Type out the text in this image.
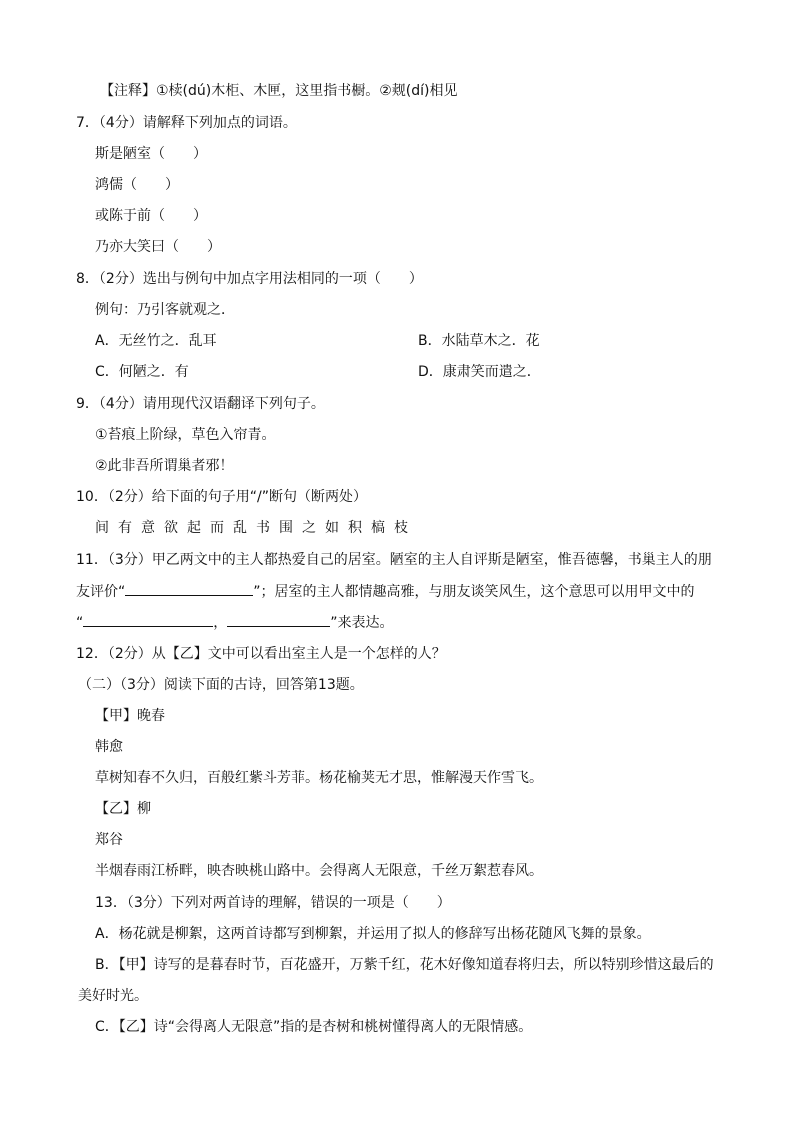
【注释】①椟(dú)木柜、木匣，这里指书橱。②觌(dí)相见
7．（4分）请解释下列加点的词语。
斯是陋室（　　）
鸿儒（　　）
或陈于前（　　）
乃亦大笑曰（　　）
8．（2分）选出与例句中加点字用法相同的一项（　　）
例句：乃引客就观之．
A．无丝竹之．乱耳	B．水陆草木之．花
C．何陋之．有	D．康肃笑而遣之．
9．（4分）请用现代汉语翻译下列句子。
①苔痕上阶绿，草色入帘青。
②此非吾所谓巢者邪！
10．（2分）给下面的句子用“/”断句（断两处）
间有意欲起而乱书围之如积槁枝
11．（3分）甲乙两文中的主人都热爱自己的居室。陋室的主人自评斯是陋室，惟吾德馨，书巢主人的朋
友评价“	”；居室的主人都情趣高雅，与朋友谈笑风生，这个意思可以用甲文中的
“	，	”来表达。
12．（2分）从【乙】文中可以看出室主人是一个怎样的人？
（二）（3分）阅读下面的古诗，回答第13题。
【甲】晚春
韩愈
草树知春不久归，百般红紫斗芳菲。杨花榆荚无才思，惟解漫天作雪飞。
【乙】柳
郑谷
半烟春雨江桥畔，映杏映桃山路中。会得离人无限意，千丝万絮惹春风。
13．（3分）下列对两首诗的理解，错误的一项是（　　）
A．杨花就是柳絮，这两首诗都写到柳絮，并运用了拟人的修辞写出杨花随风飞舞的景象。
B．【甲】诗写的是暮春时节，百花盛开，万紫千红，花木好像知道春将归去，所以特别珍惜这最后的
美好时光。
C．【乙】诗“会得离人无限意”指的是杏树和桃树懂得离人的无限情感。
